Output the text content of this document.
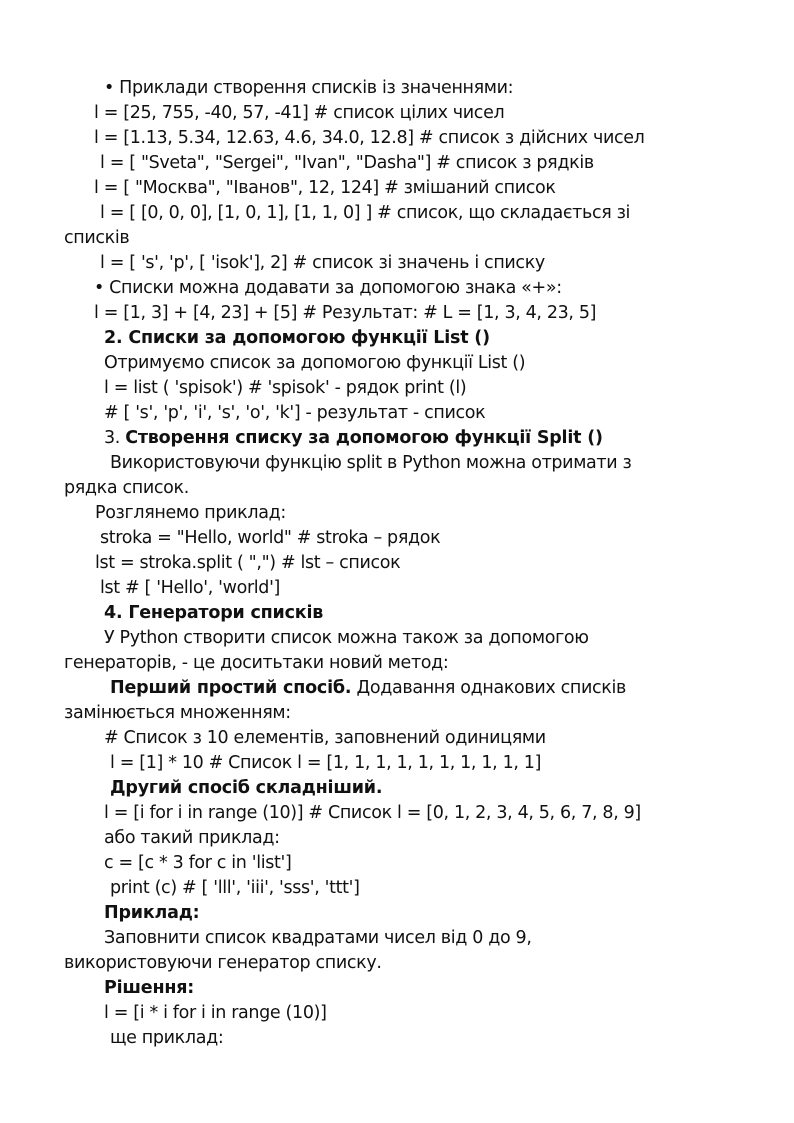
• Приклади створення списків із значеннями:
l = [25, 755, -40, 57, -41] # список цілих чисел
l = [1.13, 5.34, 12.63, 4.6, 34.0, 12.8] # список з дійсних чисел
l = [ "Sveta", "Sergei", "Ivan", "Dasha"] # список з рядків
l = [ "Москва", "Іванов", 12, 124] # змішаний список
l = [ [0, 0, 0], [1, 0, 1], [1, 1, 0] ] # список, що складається зі
списків
l = [ 's', 'p', [ 'isok'], 2] # список зі значень і списку
• Списки можна додавати за допомогою знака «+»:
l = [1, 3] + [4, 23] + [5] # Результат: # L = [1, 3, 4, 23, 5]
2. Списки за допомогою функції List ()
Отримуємо список за допомогою функції List ()
l = list ( 'spisok') # 'spisok' - рядок print (l)
# [ 's', 'p', 'i', 's', 'o', 'k'] - результат - список
3. Створення списку за допомогою функції Split ()
Використовуючи функцію split в Python можна отримати з
рядка список.
Розглянемо приклад:
stroka = "Hello, world" # stroka – рядок
lst = stroka.split ( ",") # lst – список
lst # [ 'Hello', 'world']
4. Генератори списків
У Python створити список можна також за допомогою
генераторів, - це доситьтаки новий метод:
Перший простий спосіб. Додавання однакових списків
замінюється множенням:
# Список з 10 елементів, заповнений одиницями
l = [1] * 10 # Список l = [1, 1, 1, 1, 1, 1, 1, 1, 1, 1]
Другий спосіб складніший.
l = [i for i in range (10)] # Список l = [0, 1, 2, 3, 4, 5, 6, 7, 8, 9]
або такий приклад:
c = [c * 3 for c in 'list']
print (c) # [ 'lll', 'iii', 'sss', 'ttt']
Приклад:
Заповнити список квадратами чисел від 0 до 9,
використовуючи генератор списку.
Рішення:
l = [i * i for i in range (10)]
ще приклад:
